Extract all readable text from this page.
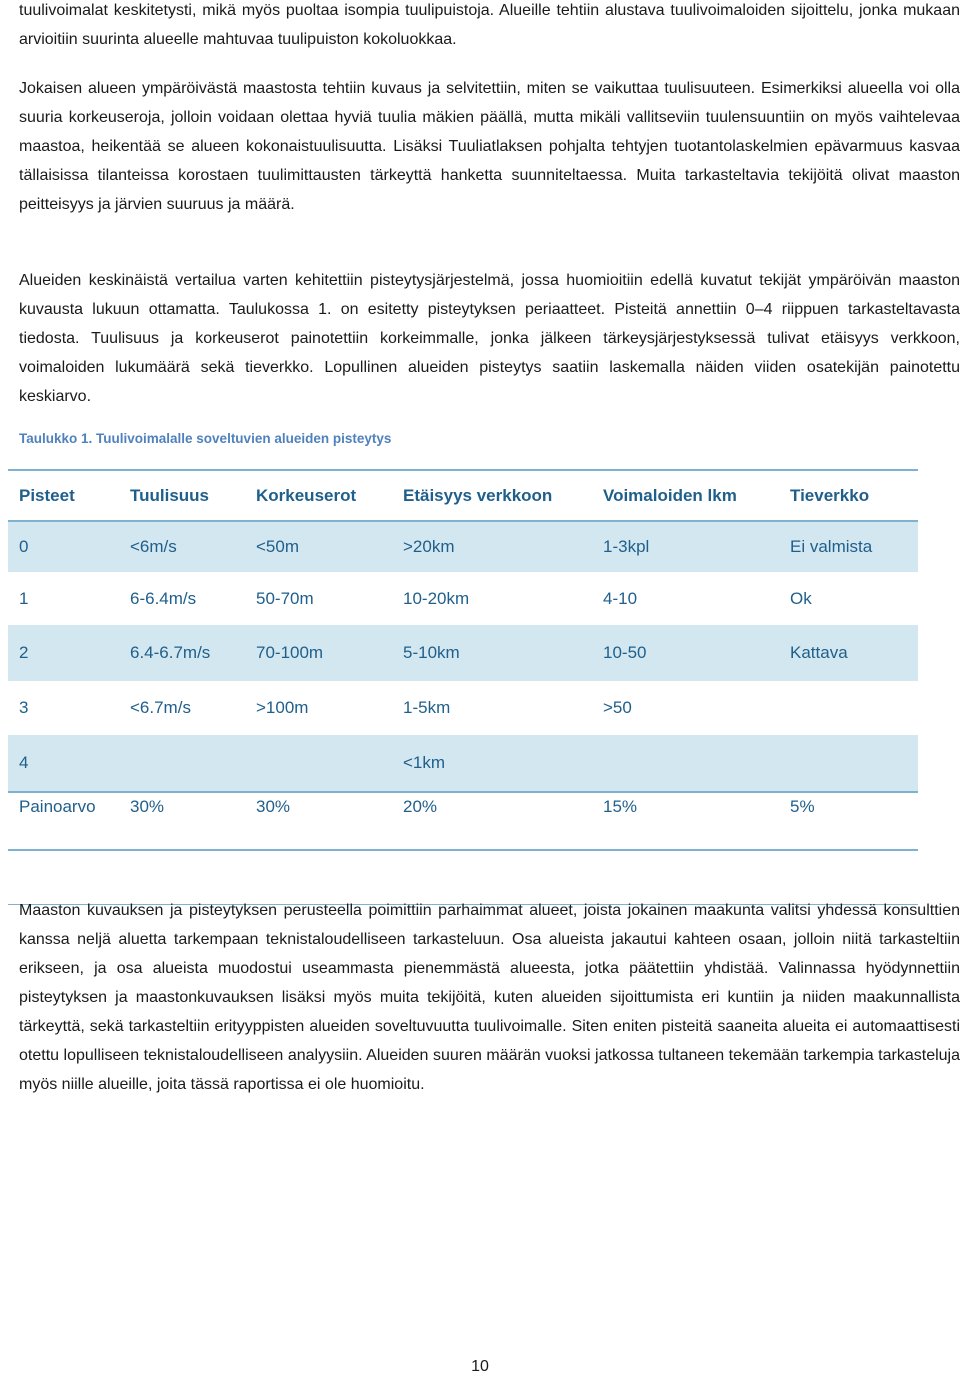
tuulivoimalat keskitetysti, mikä myös puoltaa isompia tuulipuistoja. Alueille tehtiin alustava tuulivoimaloiden sijoittelu, jonka mukaan arvioitiin suurinta alueelle mahtuvaa tuulipuiston kokoluokkaa.

Jokaisen alueen ympäröivästä maastosta tehtiin kuvaus ja selvitettiin, miten se vaikuttaa tuulisuuteen. Esimerkiksi alueella voi olla suuria korkeuseroja, jolloin voidaan olettaa hyviä tuulia mäkien päällä, mutta mikäli vallitseviin tuulensuuntiin on myös vaihtelevaa maastoa, heikentää se alueen kokonaistuulisuutta. Lisäksi Tuuliatlaksen pohjalta tehtyjen tuotantolaskelmien epävarmuus kasvaa tällaisissa tilanteissa korostaen tuulimittausten tärkeyttä hanketta suunniteltaessa. Muita tarkasteltavia tekijöitä olivat maaston peitteisyys ja järvien suuruus ja määrä.

Alueiden keskinäistä vertailua varten kehitettiin pisteytysjärjestelmä, jossa huomioitiin edellä kuvatut tekijät ympäröivän maaston kuvausta lukuun ottamatta. Taulukossa 1. on esitetty pisteytyksen periaatteet. Pisteitä annettiin 0–4 riippuen tarkasteltavasta tiedosta. Tuulisuus ja korkeuserot painotettiin korkeimmalle, jonka jälkeen tärkeysjärjestyksessä tulivat etäisyys verkkoon, voimaloiden lukumäärä sekä tieverkko. Lopullinen alueiden pisteytys saatiin laskemalla näiden viiden osatekijän painotettu keskiarvo.

Taulukko 1. Tuulivoimalalle soveltuvien alueiden pisteytys

Pisteet	Tuulisuus	Korkeuserot	Etäisyys verkkoon	Voimaloiden lkm	Tieverkko
0	<6m/s	<50m	>20km	1-3kpl	Ei valmista
1	6-6.4m/s	50-70m	10-20km	4-10	Ok
2	6.4-6.7m/s	70-100m	5-10km	10-50	Kattava
3	<6.7m/s	>100m	1-5km	>50	
4			<1km		
Painoarvo	30%	30%	20%	15%	5%

Maaston kuvauksen ja pisteytyksen perusteella poimittiin parhaimmat alueet, joista jokainen maakunta valitsi yhdessä konsulttien kanssa neljä aluetta tarkempaan teknistaloudelliseen tarkasteluun. Osa alueista jakautui kahteen osaan, jolloin niitä tarkasteltiin erikseen, ja osa alueista muodostui useammasta pienemmästä alueesta, jotka päätettiin yhdistää. Valinnassa hyödynnettiin pisteytyksen ja maastonkuvauksen lisäksi myös muita tekijöitä, kuten alueiden sijoittumista eri kuntiin ja niiden maakunnallista tärkeyttä, sekä tarkasteltiin erityyppisten alueiden soveltuvuutta tuulivoimalle. Siten eniten pisteitä saaneita alueita ei automaattisesti otettu lopulliseen teknistaloudelliseen analyysiin. Alueiden suuren määrän vuoksi jatkossa tultaneen tekemään tarkempia tarkasteluja myös niille alueille, joita tässä raportissa ei ole huomioitu.

10
